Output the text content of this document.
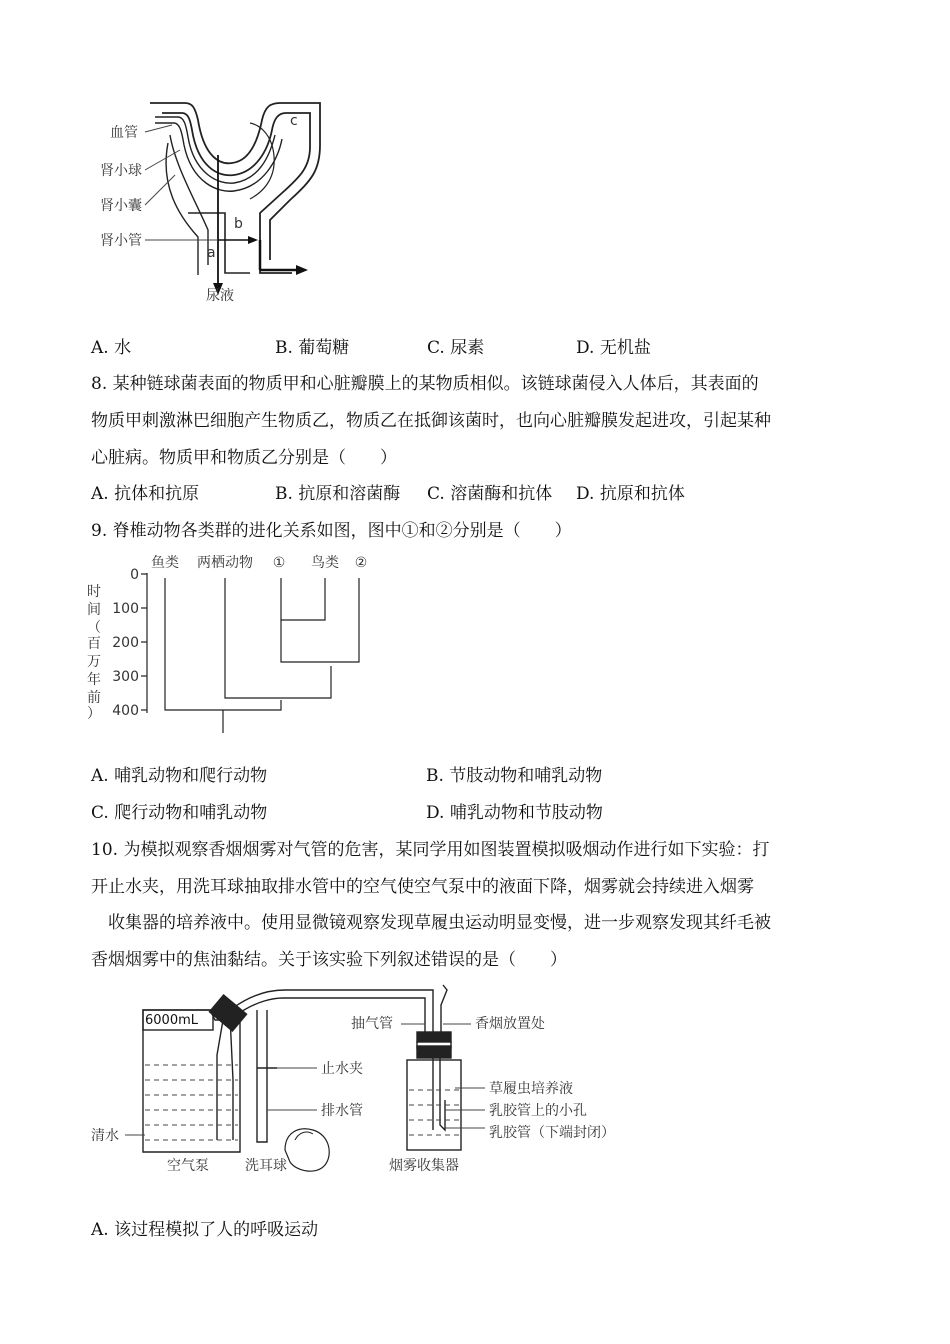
血管
肾小球
肾小囊
肾小管
a
b
c
尿液
A. 水	B. 葡萄糖	C. 尿素	D. 无机盐
8. 某种链球菌表面的物质甲和心脏瓣膜上的某物质相似。该链球菌侵入人体后，其表面的
物质甲刺激淋巴细胞产生物质乙，物质乙在抵御该菌时，也向心脏瓣膜发起进攻，引起某种
心脏病。物质甲和物质乙分别是（　　）
A. 抗体和抗原	B. 抗原和溶菌酶 C. 溶菌酶和抗体 D. 抗原和抗体
9. 脊椎动物各类群的进化关系如图，图中①和②分别是（　　）
时
间
（
百
万
年
前
）
0
100
200
300
400
鱼类 两栖动物 ① 鸟类 ②
A. 哺乳动物和爬行动物	B. 节肢动物和哺乳动物
C. 爬行动物和哺乳动物	D. 哺乳动物和节肢动物
10. 为模拟观察香烟烟雾对气管的危害，某同学用如图装置模拟吸烟动作进行如下实验：打
开止水夹，用洗耳球抽取排水管中的空气使空气泵中的液面下降，烟雾就会持续进入烟雾
　收集器的培养液中。使用显微镜观察发现草履虫运动明显变慢，进一步观察发现其纤毛被
香烟烟雾中的焦油黏结。关于该实验下列叙述错误的是（　　）
6000mL
清水
空气泵	洗耳球
止水夹
排水管
抽气管	香烟放置处
草履虫培养液
乳胶管上的小孔
乳胶管（下端封闭）
烟雾收集器
A. 该过程模拟了人的呼吸运动
